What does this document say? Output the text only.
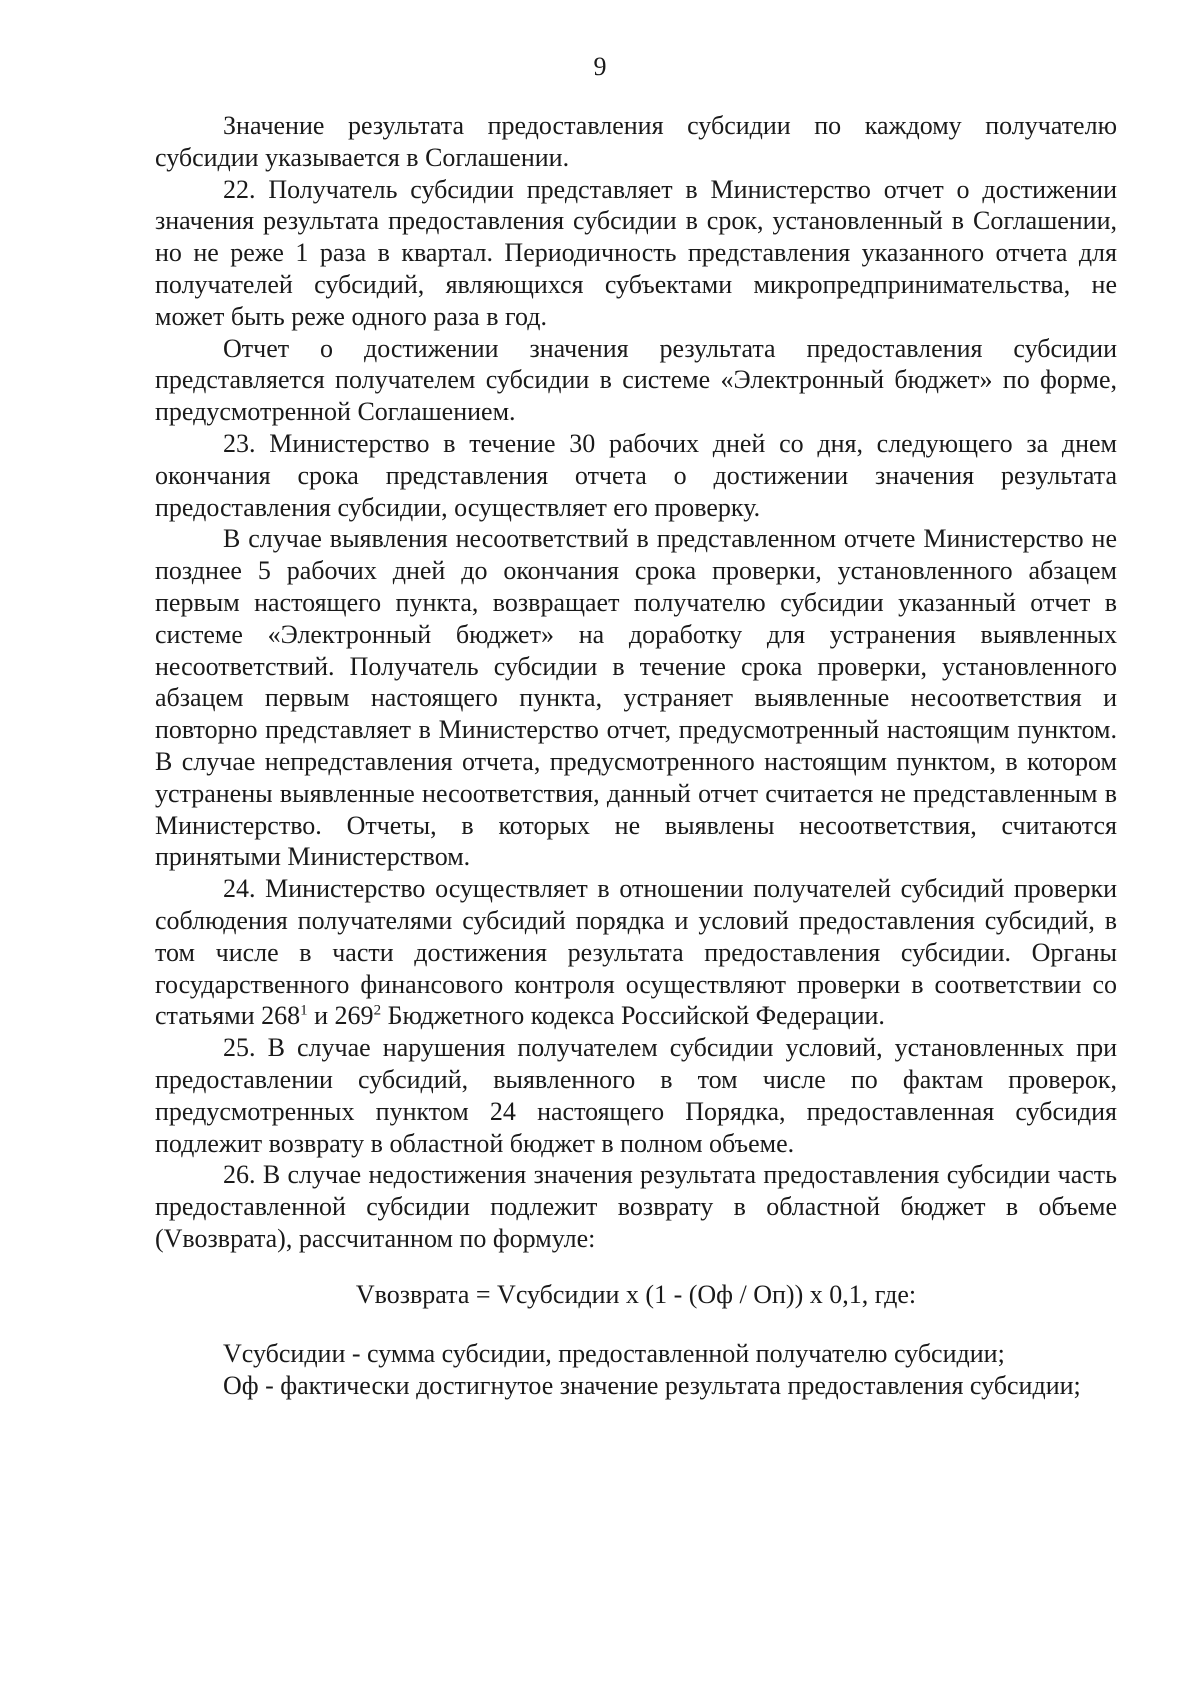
9

Значение результата предоставления субсидии по каждому получателю субсидии указывается в Соглашении.

22. Получатель субсидии представляет в Министерство отчет о достижении значения результата предоставления субсидии в срок, установленный в Соглашении, но не реже 1 раза в квартал. Периодичность представления указанного отчета для получателей субсидий, являющихся субъектами микропредпринимательства, не может быть реже одного раза в год.

Отчет о достижении значения результата предоставления субсидии представляется получателем субсидии в системе «Электронный бюджет» по форме, предусмотренной Соглашением.

23. Министерство в течение 30 рабочих дней со дня, следующего за днем окончания срока представления отчета о достижении значения результата предоставления субсидии, осуществляет его проверку.

В случае выявления несоответствий в представленном отчете Министерство не позднее 5 рабочих дней до окончания срока проверки, установленного абзацем первым настоящего пункта, возвращает получателю субсидии указанный отчет в системе «Электронный бюджет» на доработку для устранения выявленных несоответствий. Получатель субсидии в течение срока проверки, установленного абзацем первым настоящего пункта, устраняет выявленные несоответствия и повторно представляет в Министерство отчет, предусмотренный настоящим пунктом. В случае непредставления отчета, предусмотренного настоящим пунктом, в котором устранены выявленные несоответствия, данный отчет считается не представленным в Министерство. Отчеты, в которых не выявлены несоответствия, считаются принятыми Министерством.

24. Министерство осуществляет в отношении получателей субсидий проверки соблюдения получателями субсидий порядка и условий предоставления субсидий, в том числе в части достижения результата предоставления субсидии. Органы государственного финансового контроля осуществляют проверки в соответствии со статьями $268^1$ и $269^2$ Бюджетного кодекса Российской Федерации.

25. В случае нарушения получателем субсидии условий, установленных при предоставлении субсидий, выявленного в том числе по фактам проверок, предусмотренных пунктом 24 настоящего Порядка, предоставленная субсидия подлежит возврату в областной бюджет в полном объеме.

26. В случае недостижения значения результата предоставления субсидии часть предоставленной субсидии подлежит возврату в областной бюджет в объеме (Vвозврата), рассчитанном по формуле:

Vвозврата = Vсубсидии х (1 - (Оф / Оп)) х 0,1, где:

Vсубсидии - сумма субсидии, предоставленной получателю субсидии;

Оф - фактически достигнутое значение результата предоставления субсидии;
